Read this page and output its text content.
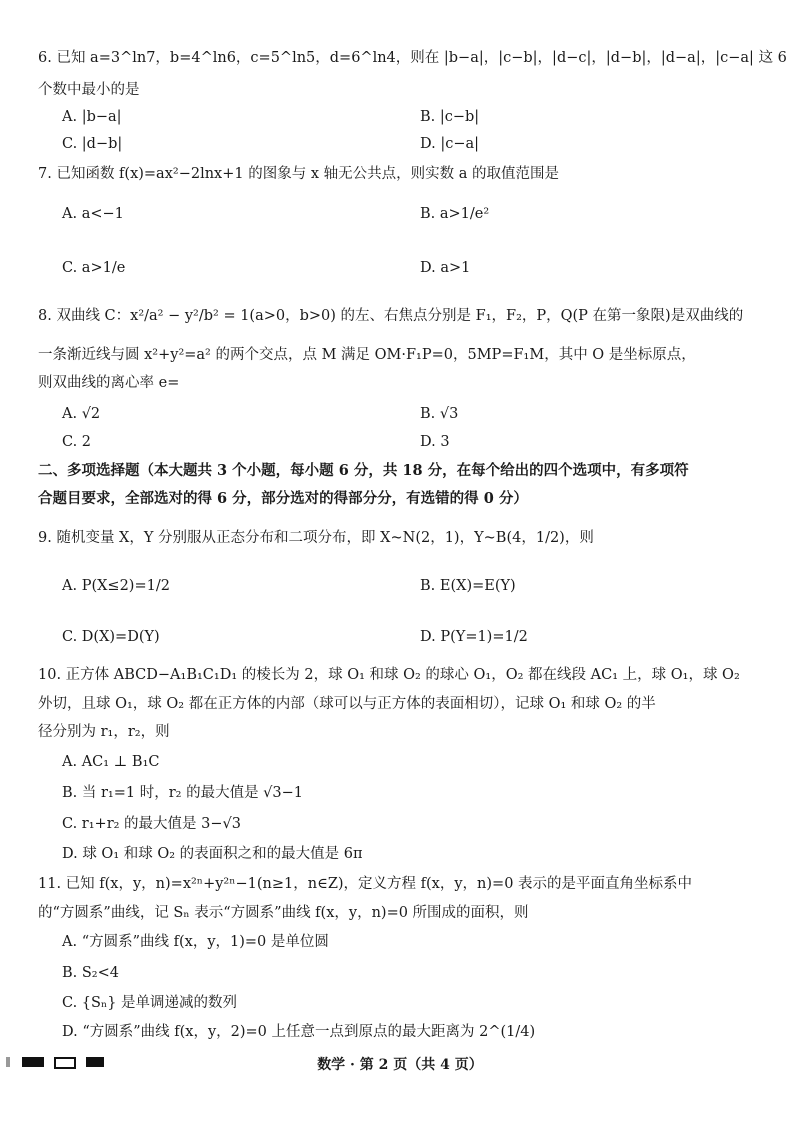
6. 已知 a=3^ln7，b=4^ln6，c=5^ln5，d=6^ln4，则在 |b−a|，|c−b|，|d−c|，|d−b|，|d−a|，|c−a| 这 6
个数中最小的是
A. |b−a|	B. |c−b|
C. |d−b|	D. |c−a|
7. 已知函数 f(x)=ax²−2lnx+1 的图象与 x 轴无公共点，则实数 a 的取值范围是
A. a<−1	B. a>1/e²
C. a>1/e	D. a>1
8. 双曲线 C：x²/a² − y²/b² = 1(a>0，b>0) 的左、右焦点分别是 F₁，F₂，P，Q(P 在第一象限)是双曲线的
一条渐近线与圆 x²+y²=a² 的两个交点，点 M 满足 OM·F₁P=0，5MP=F₁M，其中 O 是坐标原点，
则双曲线的离心率 e=
A. √2	B. √3
C. 2	D. 3
二、多项选择题（本大题共 3 个小题，每小题 6 分，共 18 分，在每个给出的四个选项中，有多项符
合题目要求，全部选对的得 6 分，部分选对的得部分分，有选错的得 0 分）
9. 随机变量 X，Y 分别服从正态分布和二项分布，即 X~N(2，1)，Y~B(4，1/2)，则
A. P(X≤2)=1/2	B. E(X)=E(Y)
C. D(X)=D(Y)	D. P(Y=1)=1/2
10. 正方体 ABCD−A₁B₁C₁D₁ 的棱长为 2，球 O₁ 和球 O₂ 的球心 O₁，O₂ 都在线段 AC₁ 上，球 O₁，球 O₂
外切，且球 O₁，球 O₂ 都在正方体的内部（球可以与正方体的表面相切），记球 O₁ 和球 O₂ 的半
径分别为 r₁，r₂，则
A. AC₁ ⊥ B₁C
B. 当 r₁=1 时，r₂ 的最大值是 √3−1
C. r₁+r₂ 的最大值是 3−√3
D. 球 O₁ 和球 O₂ 的表面积之和的最大值是 6π
11. 已知 f(x，y，n)=x²ⁿ+y²ⁿ−1(n≥1，n∈Z)，定义方程 f(x，y，n)=0 表示的是平面直角坐标系中
的“方圆系”曲线，记 Sₙ 表示“方圆系”曲线 f(x，y，n)=0 所围成的面积，则
A. “方圆系”曲线 f(x，y，1)=0 是单位圆
B. S₂<4
C. {Sₙ} 是单调递减的数列
D. “方圆系”曲线 f(x，y，2)=0 上任意一点到原点的最大距离为 2^(1/4)
数学 · 第 2 页（共 4 页）
